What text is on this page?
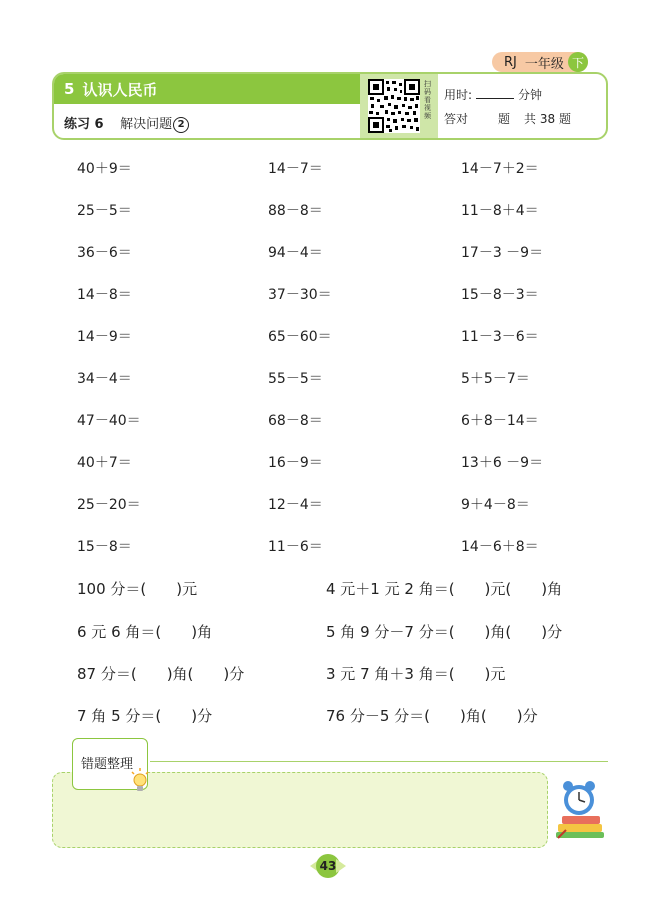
RJ 一年级 下
5 认识人民币
练习 6 解决问题 2
扫码看视频
用时:	分钟
答对	题 共 38 题
40＋9＝
25－5＝
36－6＝
14－8＝
14－9＝
34－4＝
47－40＝
40＋7＝
25－20＝
15－8＝
14－7＝
88－8＝
94－4＝
37－30＝
65－60＝
55－5＝
68－8＝
16－9＝
12－4＝
11－6＝
14－7＋2＝
11－8＋4＝
17－3 －9＝
15－8－3＝
11－3－6＝
5＋5－7＝
6＋8－14＝
13＋6 －9＝
9＋4－8＝
14－6＋8＝
100 分＝(　　)元
6 元 6 角＝(　　)角
87 分＝(　　)角(　　)分
7 角 5 分＝(　　)分
4 元＋1 元 2 角＝(　　)元(　　)角
5 角 9 分－7 分＝(　　)角(　　)分
3 元 7 角＋3 角＝(　　)元
76 分－5 分＝(　　)角(　　)分
错题整理
43
